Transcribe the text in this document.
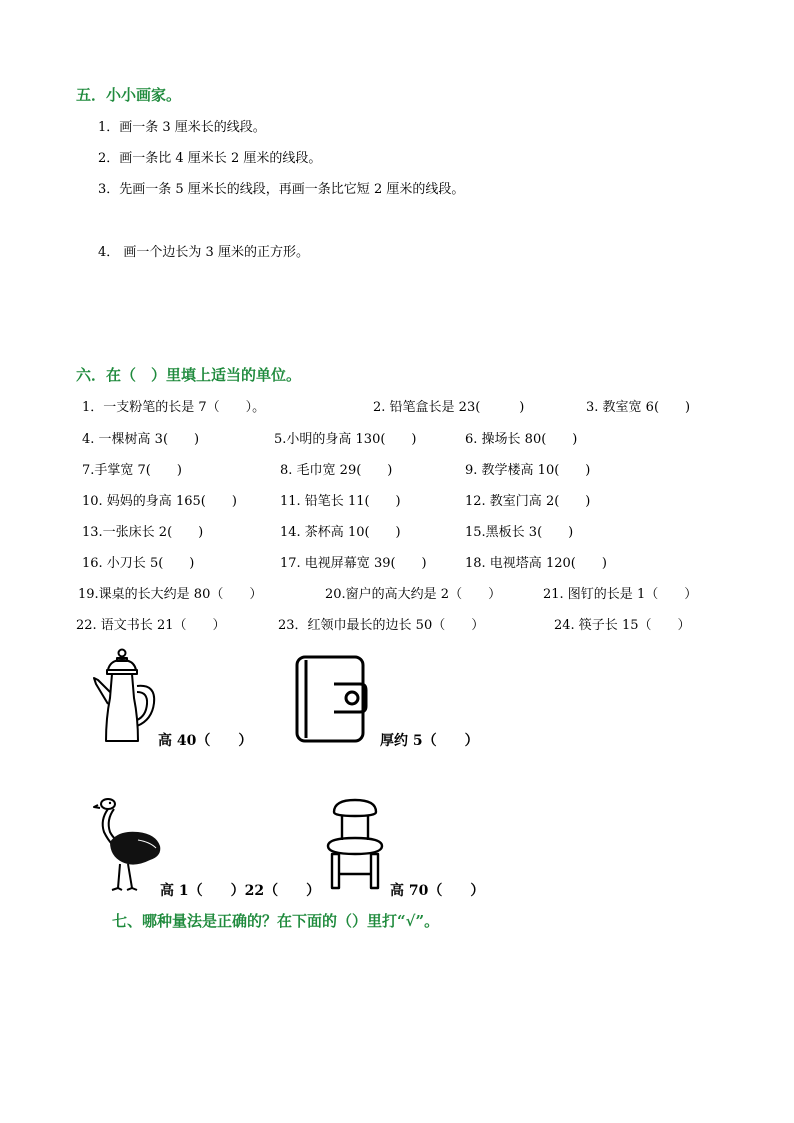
五．小小画家。
1．画一条 3 厘米长的线段。
2．画一条比 4 厘米长 2 厘米的线段。
3．先画一条 5 厘米长的线段，再画一条比它短 2 厘米的线段。
4． 画一个边长为 3 厘米的正方形。
六．在（　）里填上适当的单位。
1．一支粉笔的长是 7（　　）。	2. 铅笔盒长是 23(　　　)	3. 教室宽 6(　　)
4. 一棵树高 3(　　)	5.小明的身高 130(　　)	6. 操场长 80(　　)
7.手掌宽 7(　　)	8. 毛巾宽 29(　　)	9. 教学楼高 10(　　)
10. 妈妈的身高 165(　　)	11. 铅笔长 11(　　)	12. 教室门高 2(　　)
13.一张床长 2(　　)	14. 茶杯高 10(　　)	15.黑板长 3(　　)
16. 小刀长 5(　　)	17. 电视屏幕宽 39(　　)	18. 电视塔高 120(　　)
19.课桌的长大约是 80（　　）	20.窗户的高大约是 2（　　）	21. 图钉的长是 1（　　）
22. 语文书长 21（　　）	23．红领巾最长的边长 50（　　）	24. 筷子长 15（　　）
高 40（　　）	厚约 5（　　）
高 1（　　）22（　　）	高 70（　　）
七、哪种量法是正确的？在下面的（）里打“√”。
